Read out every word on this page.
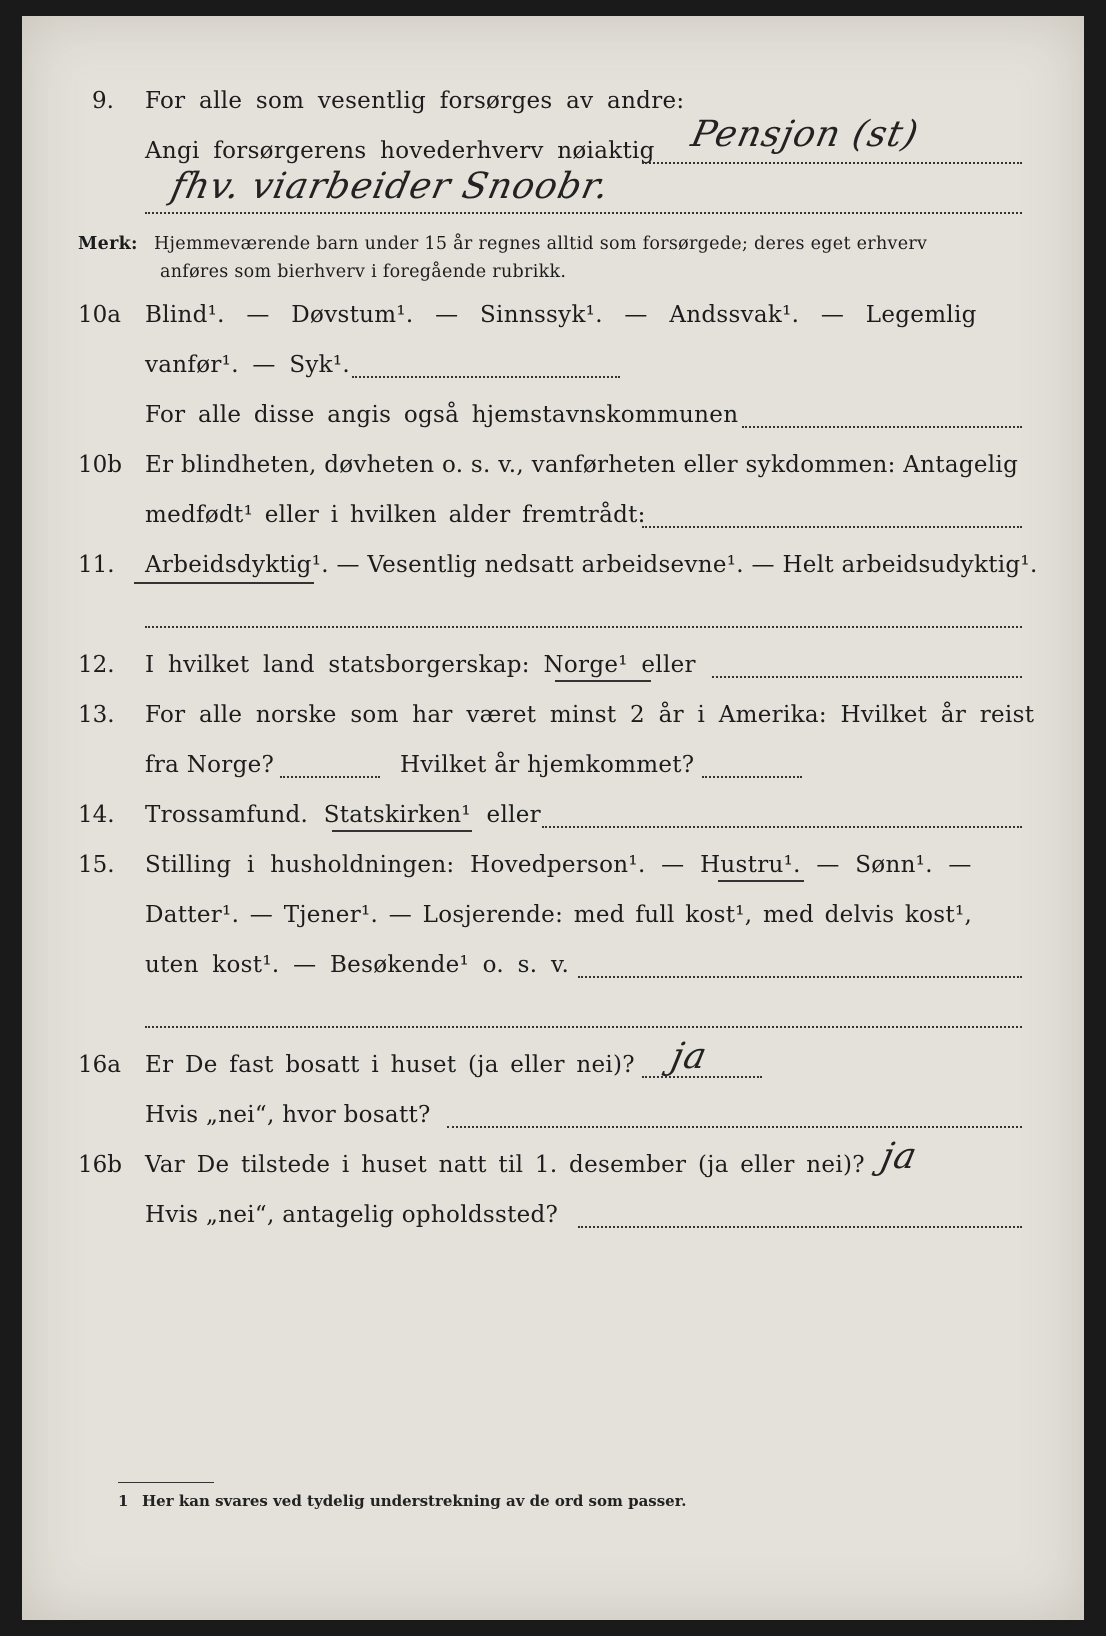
9. For alle som vesentlig forsørges av andre:
Angi forsørgerens hovederhverv nøiaktig Pensjon (st)
fhv. viarbeider Snoobr.
Merk: Hjemmeværende barn under 15 år regnes alltid som forsørgede; deres eget erhverv
anføres som bierhverv i foregående rubrikk.
10a Blind¹. — Døvstum¹. — Sinnssyk¹. — Andssvak¹. — Legemlig
vanfør¹. — Syk¹.
For alle disse angis også hjemstavnskommunen
10b Er blindheten, døvheten o. s. v., vanførheten eller sykdommen: Antagelig
medfødt¹ eller i hvilken alder fremtrådt:
11. Arbeidsdyktig¹. — Vesentlig nedsatt arbeidsevne¹. — Helt arbeidsudyktig¹.
12. I hvilket land statsborgerskap: Norge¹ eller
13. For alle norske som har været minst 2 år i Amerika: Hvilket år reist
fra Norge?	Hvilket år hjemkommet?
14. Trossamfund. Statskirken¹ eller
15. Stilling i husholdningen: Hovedperson¹. — Hustru¹. — Sønn¹. —
Datter¹. — Tjener¹. — Losjerende: med full kost¹, med delvis kost¹,
uten kost¹. — Besøkende¹ o. s. v.
16a Er De fast bosatt i huset (ja eller nei)? ja
Hvis „nei“, hvor bosatt?
16b Var De tilstede i huset natt til 1. desember (ja eller nei)? ja
Hvis „nei“, antagelig opholdssted?
1 Her kan svares ved tydelig understrekning av de ord som passer.
